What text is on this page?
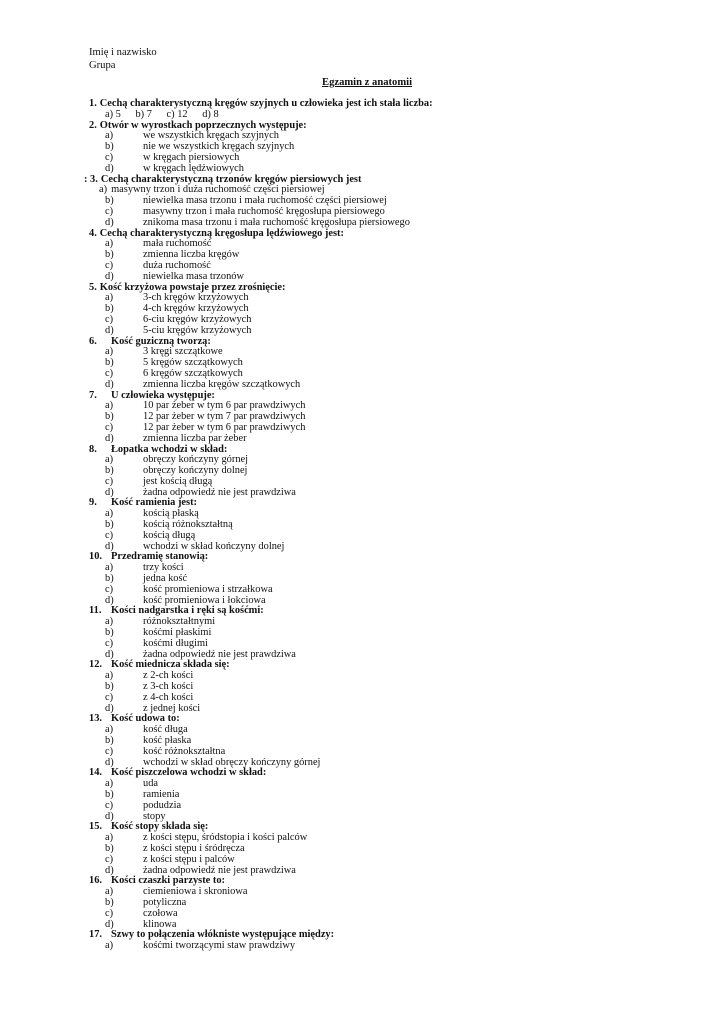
Imię i nazwisko
Grupa
Egzamin z anatomii
1. Cechą charakterystyczną kręgów szyjnych u człowieka jest ich stała liczba:
a) 5 b) 7 c) 12 d) 8
2. Otwór w wyrostkach poprzecznych występuje:
a)	we wszystkich kręgach szyjnych
b)	nie we wszystkich kręgach szyjnych
c)	w kręgach piersiowych
d)	w kręgach lędźwiowych
: 3. Cechą charakterystyczną trzonów kręgów piersiowych jest
a) masywny trzon i duża ruchomość części piersiowej
b)	niewielka masa trzonu i mała ruchomość części piersiowej
c)	masywny trzon i mała ruchomość kręgosłupa piersiowego
d)	znikoma masa trzonu i mała ruchomość kręgosłupa piersiowego
4. Cechą charakterystyczną kręgosłupa lędźwiowego jest:
a)	mała ruchomość
b)	zmienna liczba kręgów
c)	duża ruchomość
d)	niewielka masa trzonów
5. Kość krzyżowa powstaje przez zrośnięcie:
a)	3-ch kręgów krzyżowych
b)	4-ch kręgów krzyżowych
c)	6-ciu kręgów krzyżowych
d)	5-ciu kręgów krzyżowych
6. Kość guziczną tworzą:
a)	3 kręgi szczątkowe
b)	5 kręgów szczątkowych
c)	6 kręgów szczątkowych
d)	zmienna liczba kręgów szczątkowych
7. U człowieka występuje:
a)	10 par żeber w tym 6 par prawdziwych
b)	12 par żeber w tym 7 par prawdziwych
c)	12 par żeber w tym 6 par prawdziwych
d)	zmienna liczba par żeber
8. Łopatka wchodzi w skład:
a)	obręczy kończyny górnej
b)	obręczy kończyny dolnej
c)	jest kością długą
d)	żadna odpowiedź nie jest prawdziwa
9. Kość ramienia jest:
a)	kością płaską
b)	kością różnokształtną
c)	kością długą
d)	wchodzi w skład kończyny dolnej
10. Przedramię stanowią:
a)	trzy kości
b)	jedna kość
c)	kość promieniowa i strzałkowa
d)	kość promieniowa i łokciowa
11. Kości nadgarstka i ręki są kośćmi:
a)	różnokształtnymi
b)	kośćmi płaskimi
c)	kośćmi długimi
d)	żadna odpowiedź nie jest prawdziwa
12. Kość miednicza składa się:
a)	z 2-ch kości
b)	z 3-ch kości
c)	z 4-ch kości
d)	z jednej kości
13. Kość udowa to:
a)	kość długa
b)	kość płaska
c)	kość różnokształtna
d)	wchodzi w skład obręczy kończyny górnej
14. Kość piszczelowa wchodzi w skład:
a)	uda
b)	ramienia
c)	podudzia
d)	stopy
15. Kość stopy składa się:
a)	z kości stępu, śródstopia i kości palców
b)	z kości stępu i śródręcza
c)	z kości stępu i palców
d)	żadna odpowiedź nie jest prawdziwa
16. Kości czaszki parzyste to:
a)	ciemieniowa i skroniowa
b)	potyliczna
c)	czołowa
d)	klinowa
17. Szwy to połączenia włókniste występujące między:
a)	kośćmi tworzącymi staw prawdziwy
